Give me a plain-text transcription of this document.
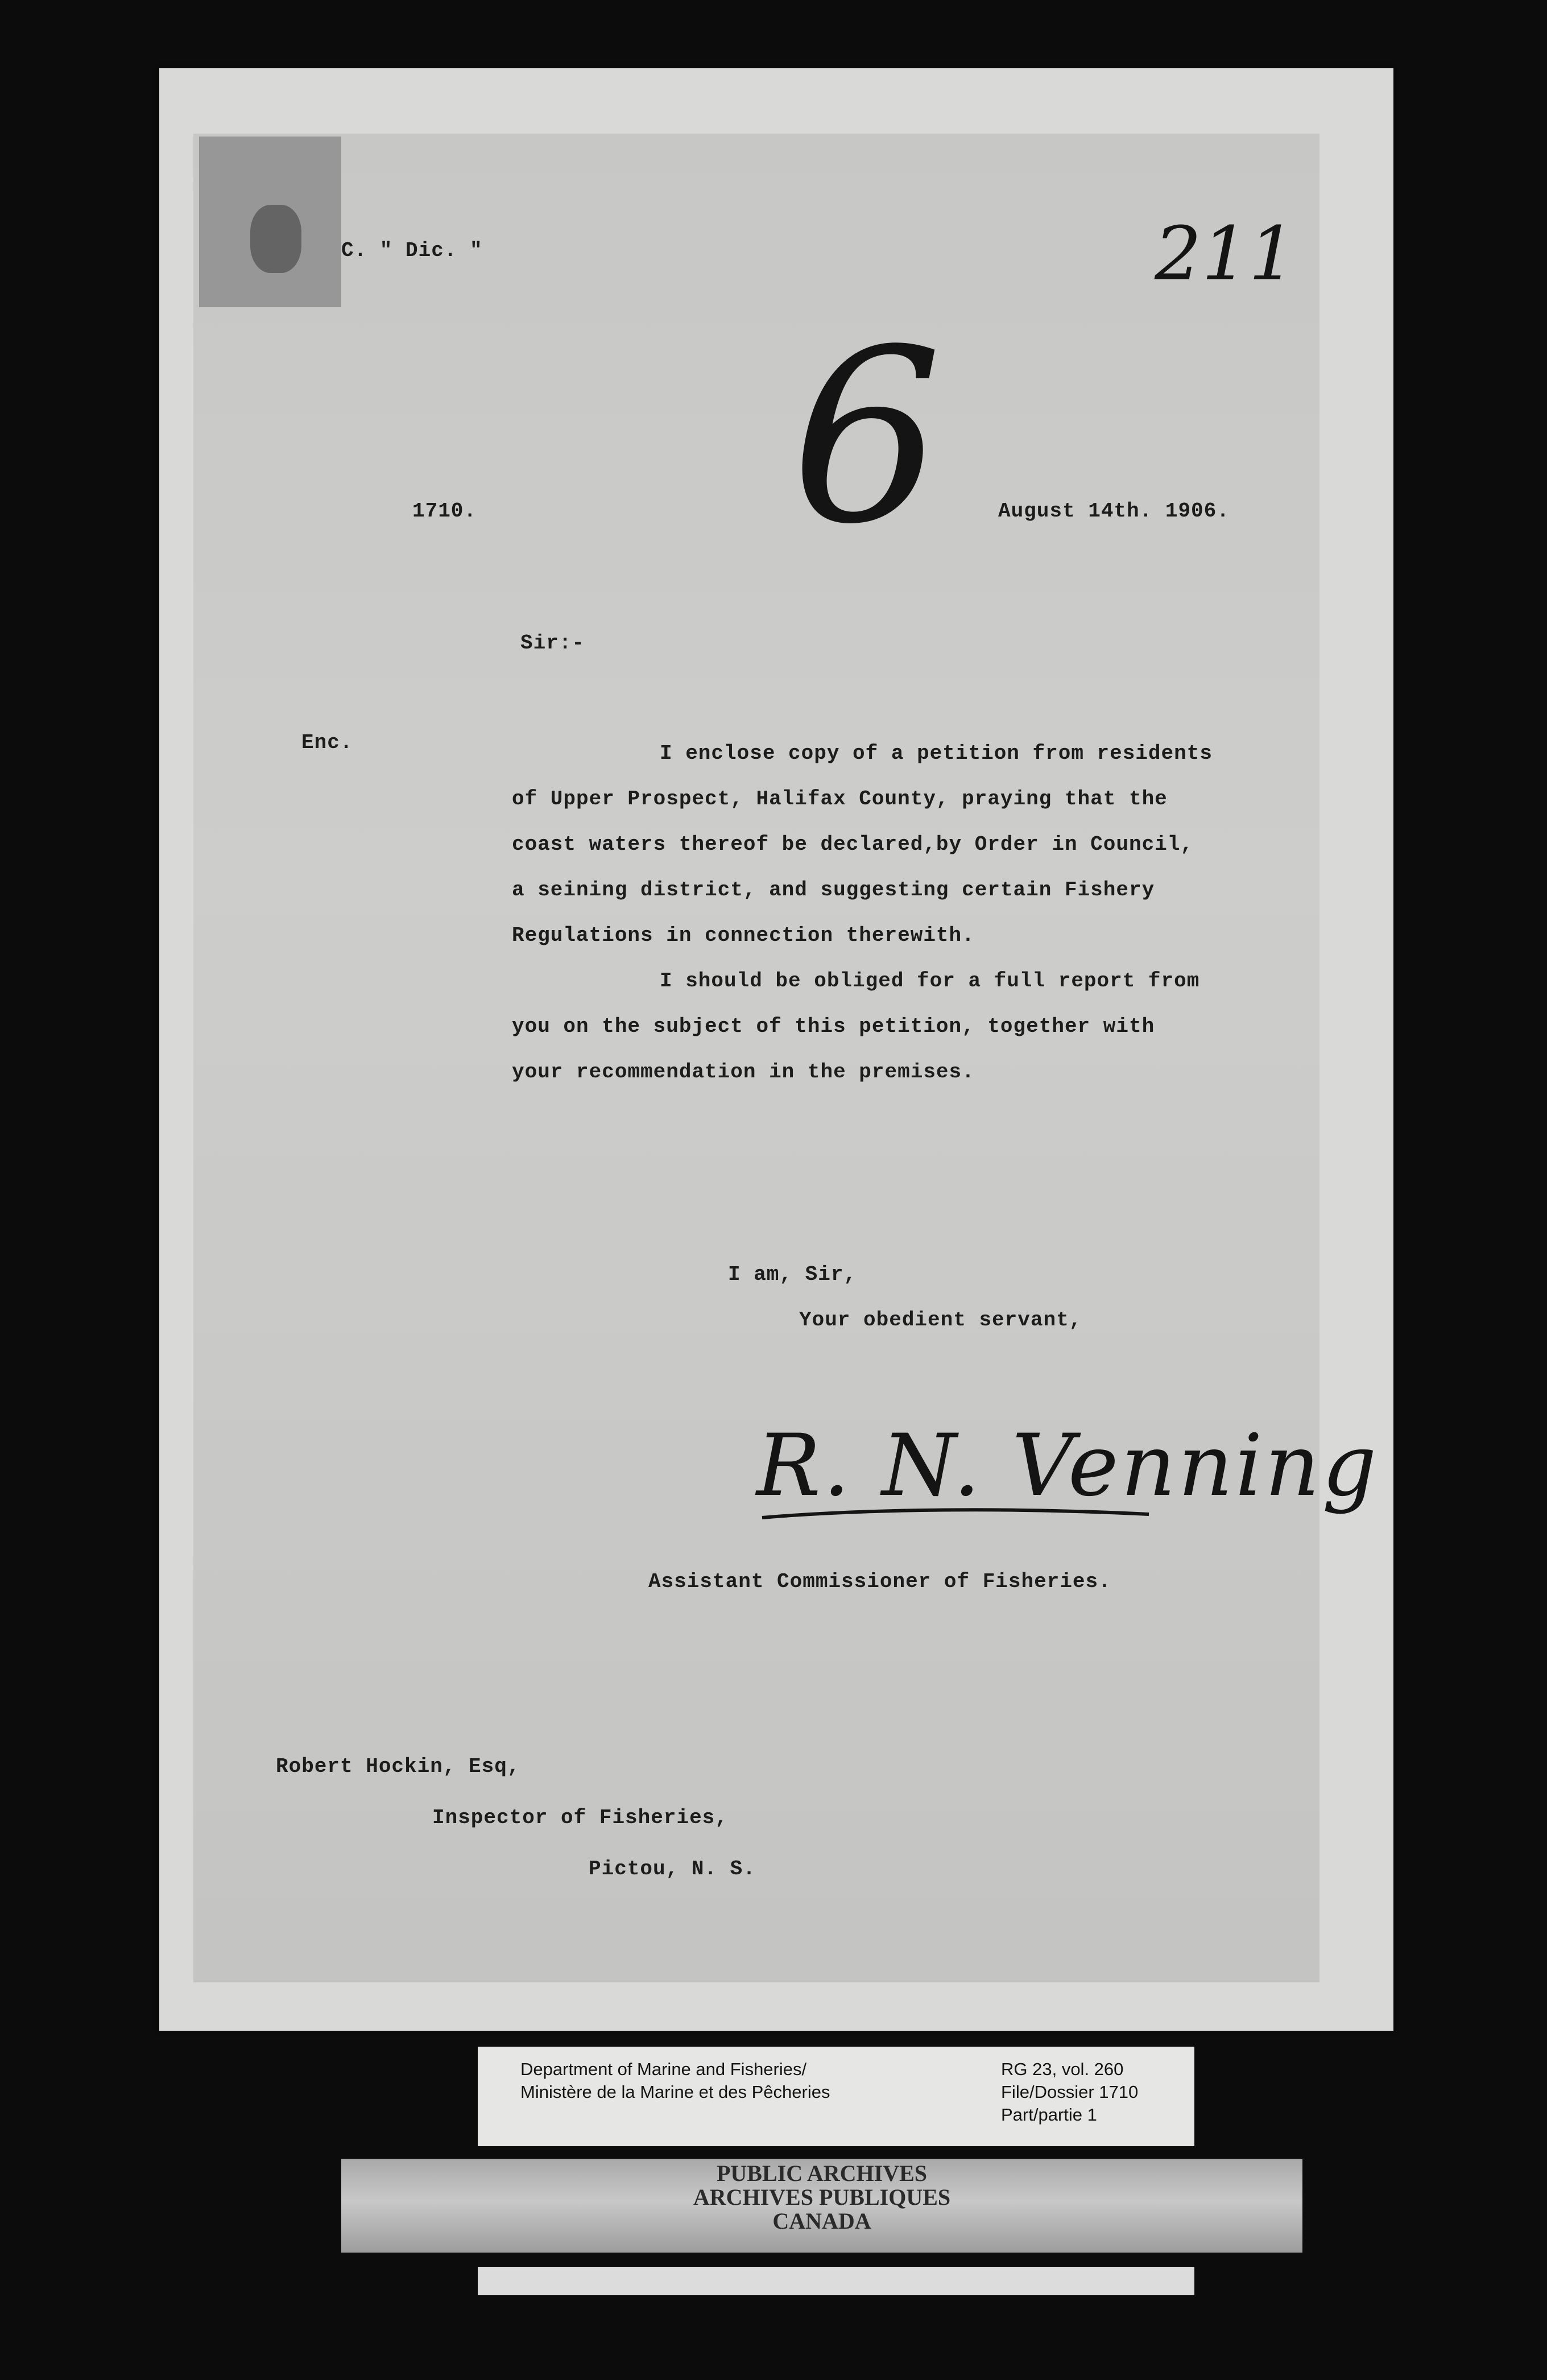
C. " Dic. "	211
6
1710.	August 14th. 1906.
Sir:-
Enc.	I enclose copy of a petition from residents
of Upper Prospect, Halifax County, praying that the
coast waters thereof be declared,by Order in Council,
a seining district, and suggesting certain Fishery
Regulations in connection therewith.
I should be obliged for a full report from
you on the subject of this petition, together with
your recommendation in the premises.
I am, Sir,
Your obedient servant,
R. N. Venning
Assistant Commissioner of Fisheries.
Robert Hockin, Esq,
Inspector of Fisheries,
Pictou, N. S.
Department of Marine and Fisheries/
Ministère de la Marine et des Pêcheries
RG 23, vol. 260
File/Dossier 1710
Part/partie 1
PUBLIC ARCHIVES
ARCHIVES PUBLIQUES
CANADA
